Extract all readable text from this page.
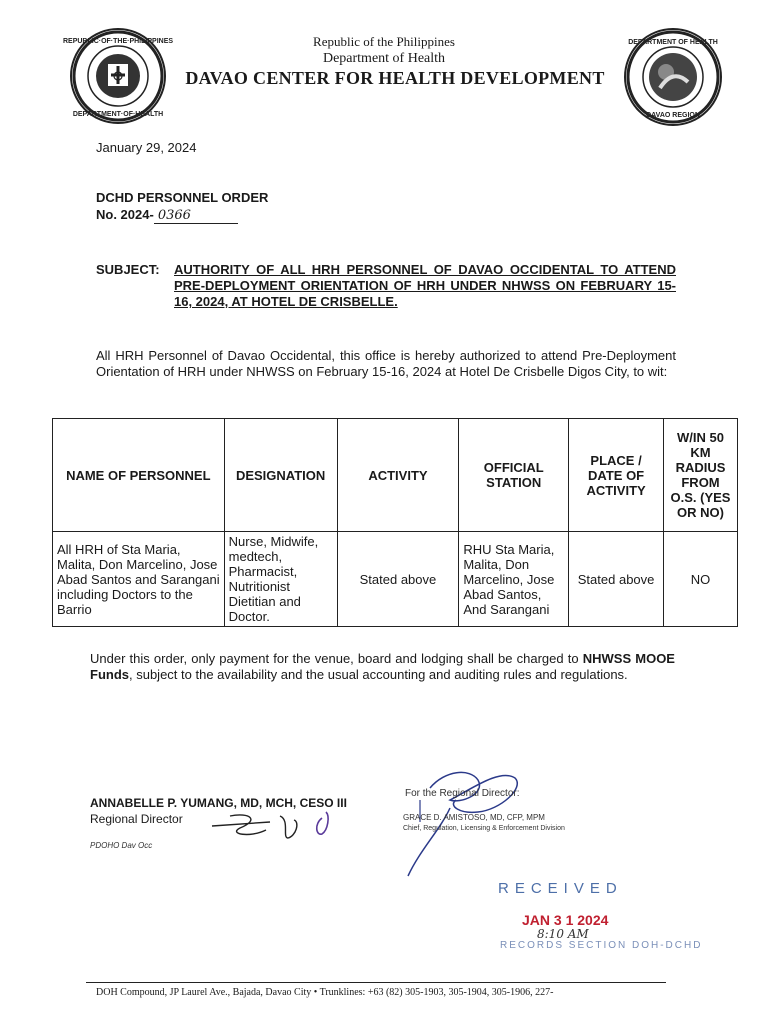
REPUBLIC·OF·THE·PHILIPPINES
DEPARTMENT·OF·HEALTH
DEPARTMENT OF HEALTH
DAVAO REGION
Republic of the Philippines
Department of Health
DAVAO CENTER FOR HEALTH DEVELOPMENT
January 29, 2024
DCHD PERSONNEL ORDER
No. 2024- 0366
SUBJECT: AUTHORITY OF ALL HRH PERSONNEL OF DAVAO OCCIDENTAL TO ATTEND PRE-DEPLOYMENT ORIENTATION OF HRH UNDER NHWSS ON FEBRUARY 15-16, 2024, AT HOTEL DE CRISBELLE.
All HRH Personnel of Davao Occidental, this office is hereby authorized to attend Pre-Deployment Orientation of HRH under NHWSS on February 15-16, 2024 at Hotel De Crisbelle Digos City, to wit:
NAME OF PERSONNEL	DESIGNATION	ACTIVITY	OFFICIAL STATION	PLACE / DATE OF ACTIVITY	W/IN 50 KM RADIUS FROM O.S. (YES OR NO)
All HRH of Sta Maria, Malita, Don Marcelino, Jose Abad Santos and Sarangani including Doctors to the Barrio	Nurse, Midwife, medtech, Pharmacist, Nutritionist Dietitian and Doctor.	Stated above	RHU Sta Maria, Malita, Don Marcelino, Jose Abad Santos, And Sarangani	Stated above	NO
Under this order, only payment for the venue, board and lodging shall be charged to NHWSS MOOE Funds, subject to the availability and the usual accounting and auditing rules and regulations.
ANNABELLE P. YUMANG, MD, MCH, CESO III
Regional Director
PDOHO Dav Occ
For the Regional Director:
GRACE D. AMISTOSO, MD, CFP, MPM
Chief, Regulation, Licensing & Enforcement Division
RECEIVED
JAN 3 1 2024
8:10 AM
RECORDS SECTION DOH-DCHD
DOH Compound, JP Laurel Ave., Bajada, Davao City • Trunklines: +63 (82) 305-1903, 305-1904, 305-1906, 227-
